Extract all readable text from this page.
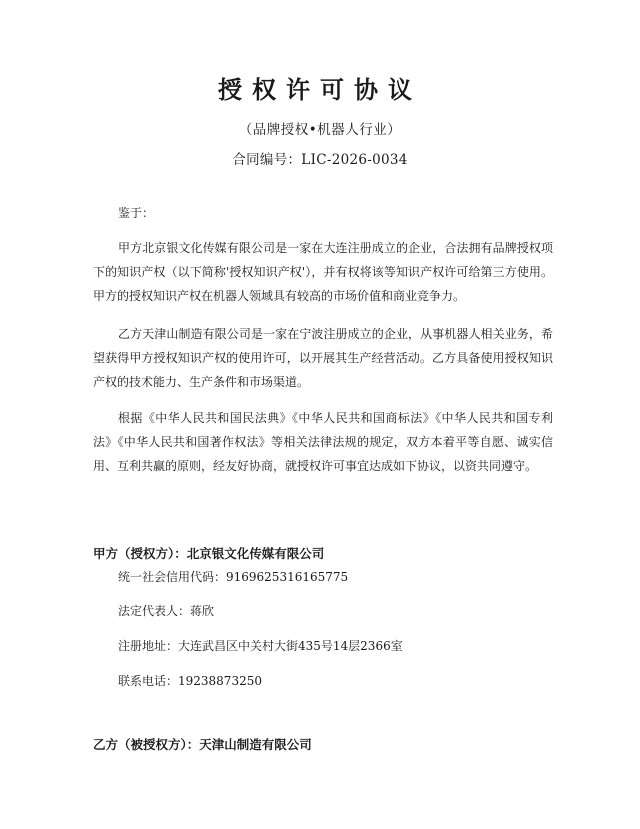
授权许可协议
（品牌授权•机器人行业）
合同编号：LIC-2026-0034
鉴于：
甲方北京银文化传媒有限公司是一家在大连注册成立的企业，合法拥有品牌授权项下的知识产权（以下简称'授权知识产权'），并有权将该等知识产权许可给第三方使用。甲方的授权知识产权在机器人领域具有较高的市场价值和商业竞争力。
乙方天津山制造有限公司是一家在宁波注册成立的企业，从事机器人相关业务，希望获得甲方授权知识产权的使用许可，以开展其生产经营活动。乙方具备使用授权知识产权的技术能力、生产条件和市场渠道。
根据《中华人民共和国民法典》《中华人民共和国商标法》《中华人民共和国专利法》《中华人民共和国著作权法》等相关法律法规的规定，双方本着平等自愿、诚实信用、互利共赢的原则，经友好协商，就授权许可事宜达成如下协议，以资共同遵守。
甲方（授权方）：北京银文化传媒有限公司
统一社会信用代码：9169625316165775
法定代表人：蒋欣
注册地址：大连武昌区中关村大街435号14层2366室
联系电话：19238873250
乙方（被授权方）：天津山制造有限公司
